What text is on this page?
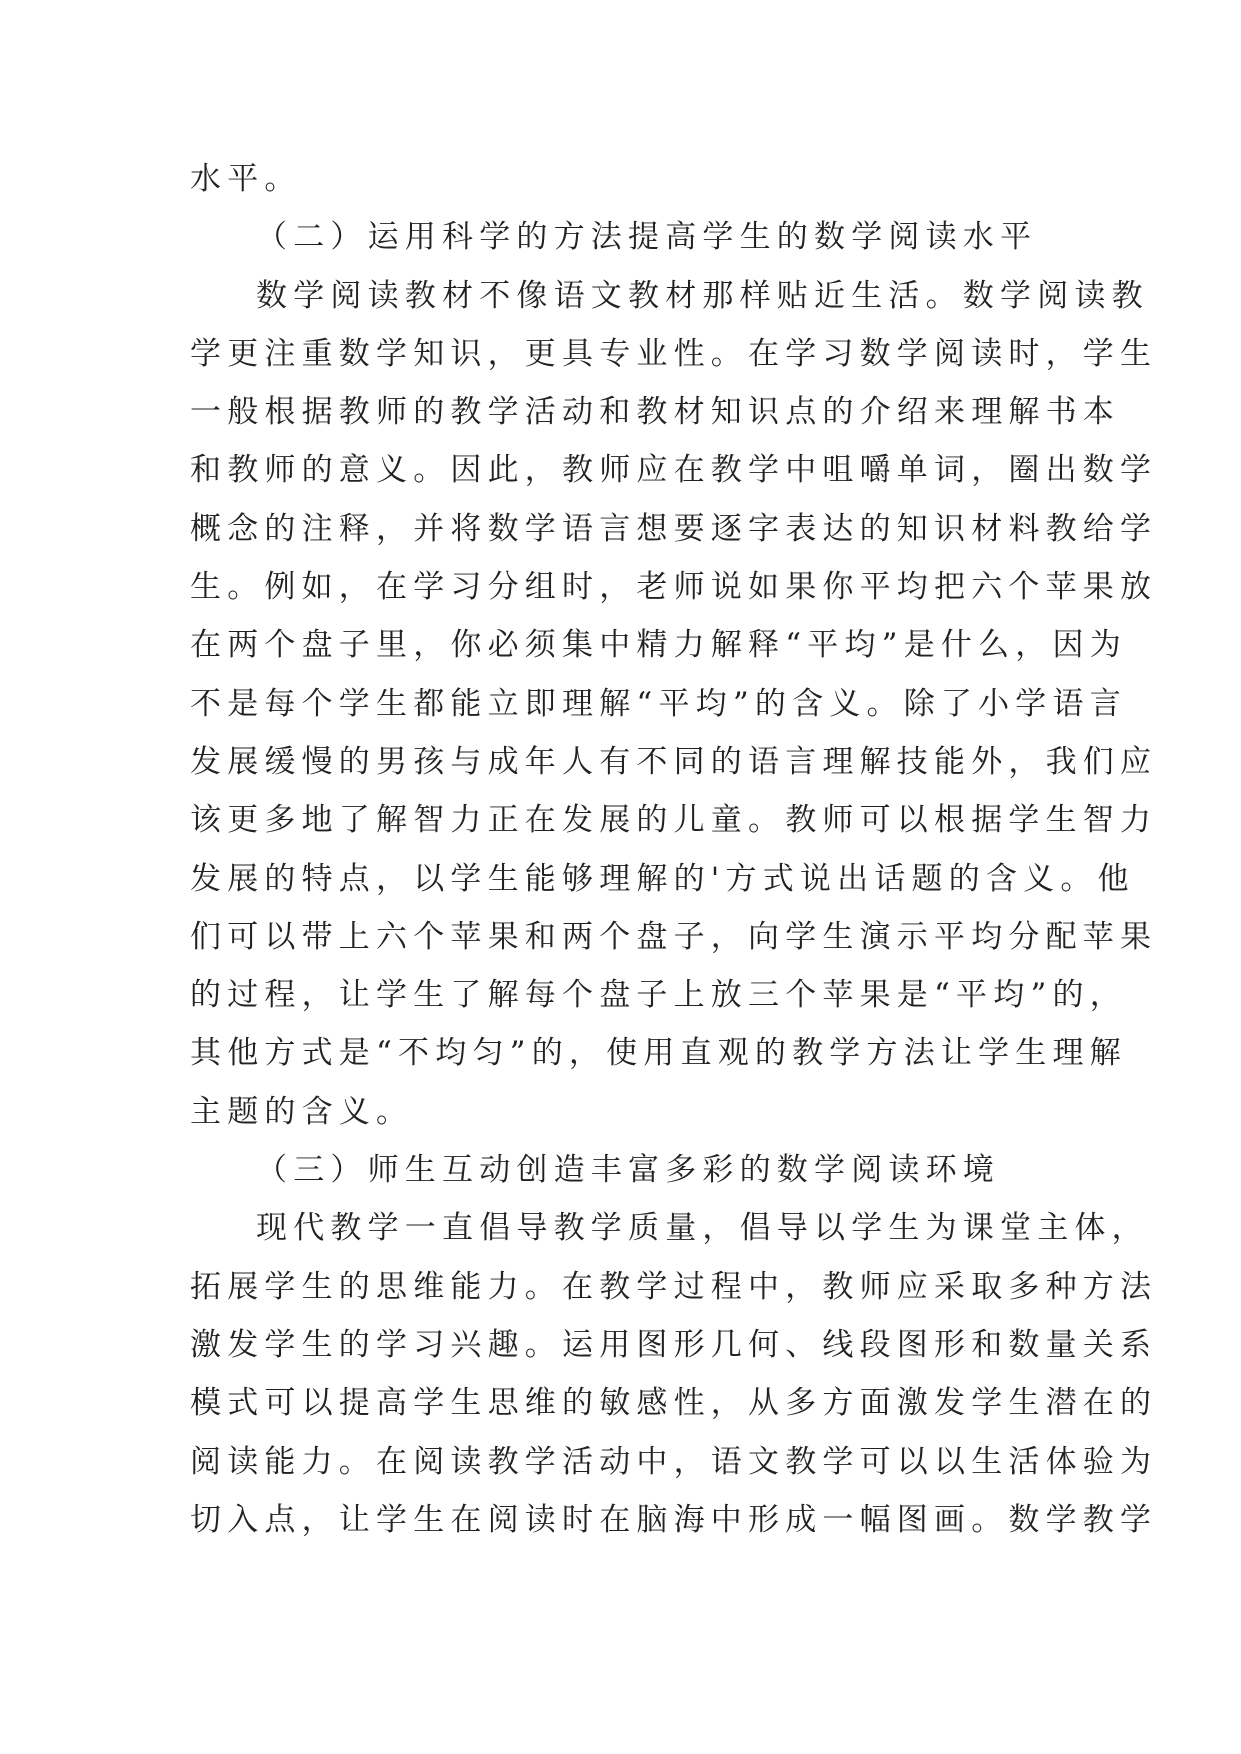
水平。
（二）运用科学的方法提高学生的数学阅读水平
数学阅读教材不像语文教材那样贴近生活。数学阅读教
学更注重数学知识，更具专业性。在学习数学阅读时，学生
一般根据教师的教学活动和教材知识点的介绍来理解书本
和教师的意义。因此，教师应在教学中咀嚼单词，圈出数学
概念的注释，并将数学语言想要逐字表达的知识材料教给学
生。例如，在学习分组时，老师说如果你平均把六个苹果放
在两个盘子里，你必须集中精力解释“平均”是什么，因为
不是每个学生都能立即理解“平均”的含义。除了小学语言
发展缓慢的男孩与成年人有不同的语言理解技能外，我们应
该更多地了解智力正在发展的儿童。教师可以根据学生智力
发展的特点，以学生能够理解的'方式说出话题的含义。他
们可以带上六个苹果和两个盘子，向学生演示平均分配苹果
的过程，让学生了解每个盘子上放三个苹果是“平均”的，
其他方式是“不均匀”的，使用直观的教学方法让学生理解
主题的含义。
（三）师生互动创造丰富多彩的数学阅读环境
现代教学一直倡导教学质量，倡导以学生为课堂主体，
拓展学生的思维能力。在教学过程中，教师应采取多种方法
激发学生的学习兴趣。运用图形几何、线段图形和数量关系
模式可以提高学生思维的敏感性，从多方面激发学生潜在的
阅读能力。在阅读教学活动中，语文教学可以以生活体验为
切入点，让学生在阅读时在脑海中形成一幅图画。数学教学
